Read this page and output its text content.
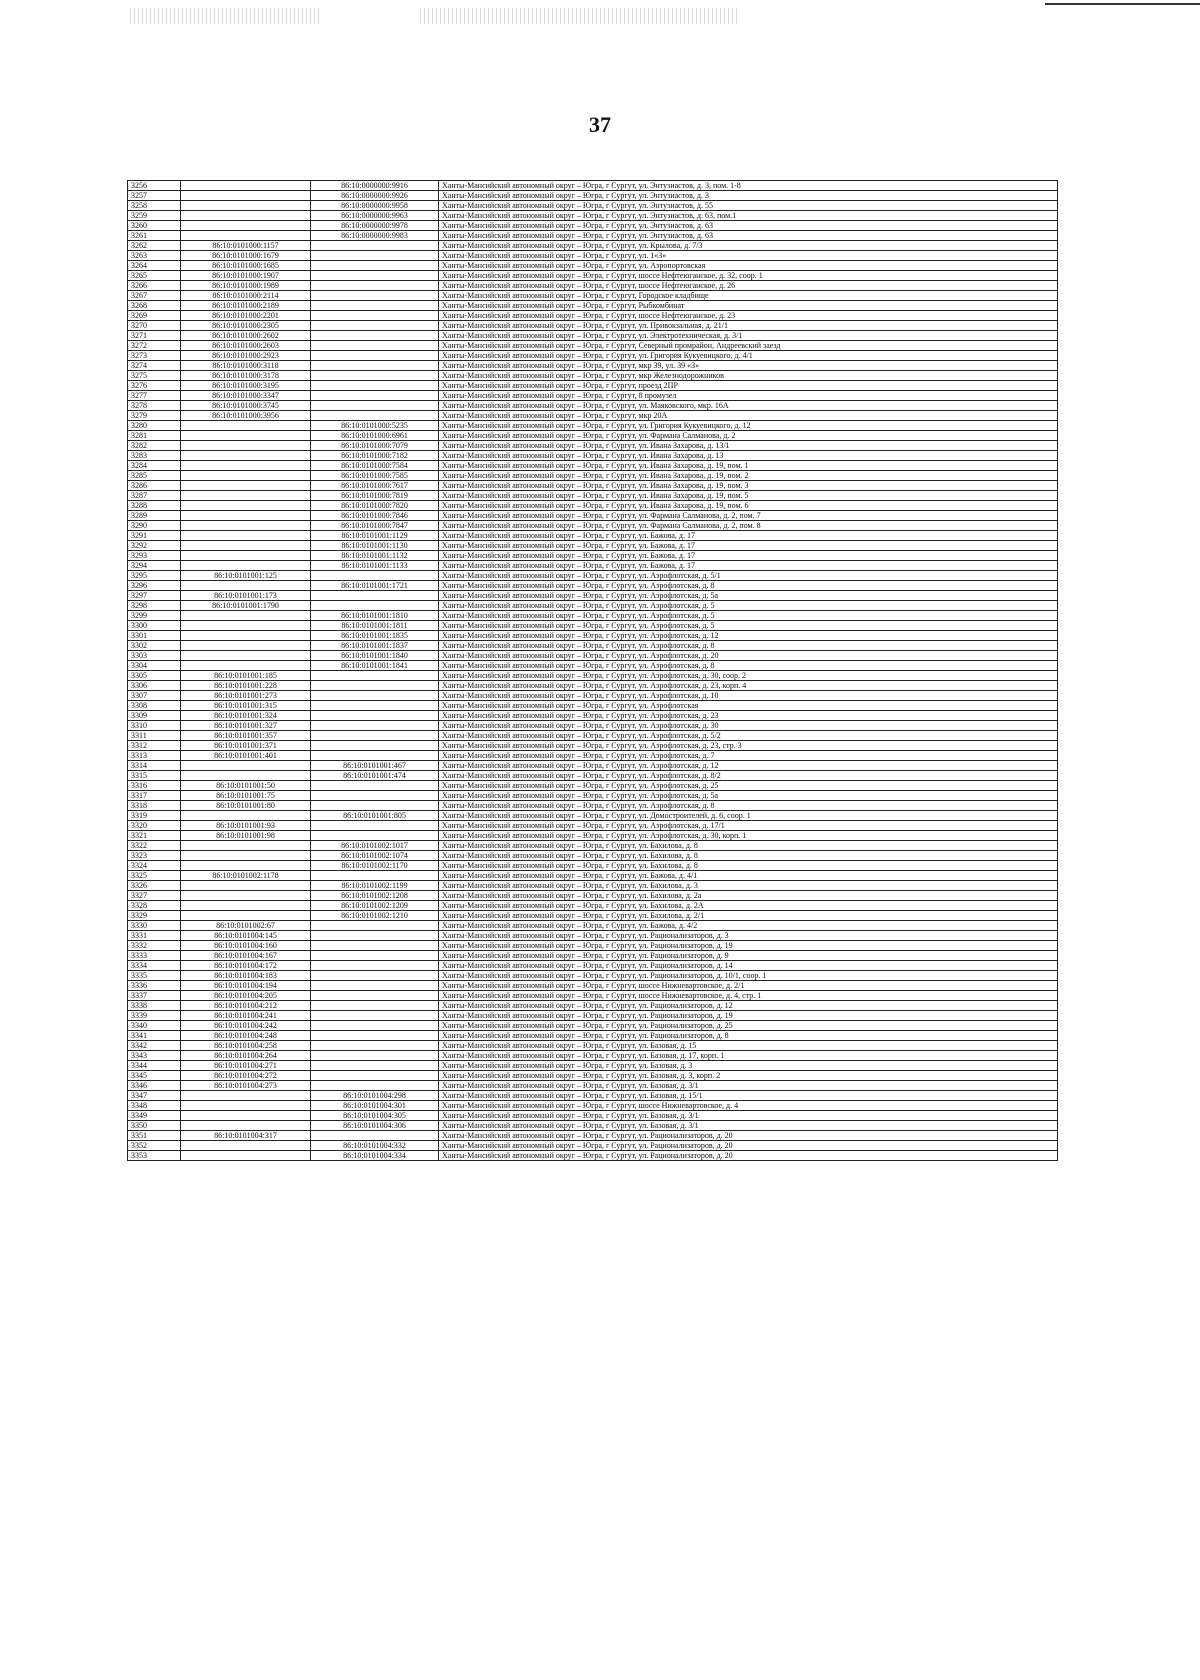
37
3256		86:10:0000000:9916	Ханты-Мансийский автономный округ – Югра, г Сургут, ул. Энтузиастов, д. 3, пом. 1-8
3257		86:10:0000000:9926	Ханты-Мансийский автономный округ – Югра, г Сургут, ул. Энтузиастов, д. 3
3258		86:10:0000000:9958	Ханты-Мансийский автономный округ – Югра, г Сургут, ул. Энтузиастов, д. 55
3259		86:10:0000000:9963	Ханты-Мансийский автономный округ – Югра, г Сургут, ул. Энтузиастов, д. 63, пом.1
3260		86:10:0000000:9978	Ханты-Мансийский автономный округ – Югра, г Сургут, ул. Энтузиастов, д. 63
3261		86:10:0000000:9983	Ханты-Мансийский автономный округ – Югра, г Сургут, ул. Энтузиастов, д. 63
3262	86:10:0101000:1157		Ханты-Мансийский автономный округ – Югра, г Сургут, ул. Крылова, д. 7/3
3263	86:10:0101000:1679		Ханты-Мансийский автономный округ – Югра, г Сургут, ул. 1«З»
3264	86:10:0101000:1685		Ханты-Мансийский автономный округ – Югра, г Сургут, ул. Аэропортовская
3265	86:10:0101000:1907		Ханты-Мансийский автономный округ – Югра, г Сургут, шоссе Нефтеюганское, д. 32, соор. 1
3266	86:10:0101000:1989		Ханты-Мансийский автономный округ – Югра, г Сургут, шоссе Нефтеюганское, д. 26
3267	86:10:0101000:2114		Ханты-Мансийский автономный округ – Югра, г Сургут, Городское кладбище
3268	86:10:0101000:2189		Ханты-Мансийский автономный округ – Югра, г Сургут, Рыбкомбинат
3269	86:10:0101000:2201		Ханты-Мансийский автономный округ – Югра, г Сургут, шоссе Нефтеюганское, д. 23
3270	86:10:0101000:2305		Ханты-Мансийский автономный округ – Югра, г Сургут, ул. Привокзальная, д. 21/1
3271	86:10:0101000:2602		Ханты-Мансийский автономный округ – Югра, г Сургут, ул. Электротехническая, д. 3/1
3272	86:10:0101000:2603		Ханты-Мансийский автономный округ – Югра, г Сургут, Северный промрайон, Андреевский заезд
3273	86:10:0101000:2923		Ханты-Мансийский автономный округ – Югра, г Сургут, ул. Григория Кукуевицкого, д. 4/1
3274	86:10:0101000:3118		Ханты-Мансийский автономный округ – Югра, г Сургут, мкр 39, ул. 39 «З»
3275	86:10:0101000:3178		Ханты-Мансийский автономный округ – Югра, г Сургут, мкр Железнодорожников
3276	86:10:0101000:3195		Ханты-Мансийский автономный округ – Югра, г Сургут, проезд 2ПР
3277	86:10:0101000:3347		Ханты-Мансийский автономный округ – Югра, г Сургут, 8 промузел
3278	86:10:0101000:3745		Ханты-Мансийский автономный округ – Югра, г Сургут, ул. Маяковского, мкр. 16А
3279	86:10:0101000:3956		Ханты-Мансийский автономный округ – Югра, г Сургут, мкр 20А
3280		86:10:0101000:5235	Ханты-Мансийский автономный округ – Югра, г Сургут, ул. Григория Кукуевицкого, д. 12
3281		86:10:0101000:6961	Ханты-Мансийский автономный округ – Югра, г Сургут, ул. Фармана Салманова, д. 2
3282		86:10:0101000:7079	Ханты-Мансийский автономный округ – Югра, г Сургут, ул. Ивана Захарова, д. 13/1
3283		86:10:0101000:7182	Ханты-Мансийский автономный округ – Югра, г Сургут, ул. Ивана Захарова, д. 13
3284		86:10:0101000:7584	Ханты-Мансийский автономный округ – Югра, г Сургут, ул. Ивана Захарова, д. 19, пом. 1
3285		86:10:0101000:7585	Ханты-Мансийский автономный округ – Югра, г Сургут, ул. Ивана Захарова, д. 19, пом. 2
3286		86:10:0101000:7617	Ханты-Мансийский автономный округ – Югра, г Сургут, ул. Ивана Захарова, д. 19, пом. 3
3287		86:10:0101000:7819	Ханты-Мансийский автономный округ – Югра, г Сургут, ул. Ивана Захарова, д. 19, пом. 5
3288		86:10:0101000:7820	Ханты-Мансийский автономный округ – Югра, г Сургут, ул. Ивана Захарова, д. 19, пом. 6
3289		86:10:0101000:7846	Ханты-Мансийский автономный округ – Югра, г Сургут, ул. Фармана Салманова, д. 2, пом. 7
3290		86:10:0101000:7847	Ханты-Мансийский автономный округ – Югра, г Сургут, ул. Фармана Салманова, д. 2, пом. 8
3291		86:10:0101001:1129	Ханты-Мансийский автономный округ – Югра, г Сургут, ул. Бажова, д. 17
3292		86:10:0101001:1130	Ханты-Мансийский автономный округ – Югра, г Сургут, ул. Бажова, д. 17
3293		86:10:0101001:1132	Ханты-Мансийский автономный округ – Югра, г Сургут, ул. Бажова, д. 17
3294		86:10:0101001:1133	Ханты-Мансийский автономный округ – Югра, г Сургут, ул. Бажова, д. 17
3295	86:10:0101001:125		Ханты-Мансийский автономный округ – Югра, г Сургут, ул. Аэрофлотская, д. 5/1
3296		86:10:0101001:1721	Ханты-Мансийский автономный округ – Югра, г Сургут, ул. Аэрофлотская, д. 8
3297	86:10:0101001:173		Ханты-Мансийский автономный округ – Югра, г Сургут, ул. Аэрофлотская, д. 5а
3298	86:10:0101001:1790		Ханты-Мансийский автономный округ – Югра, г Сургут, ул. Аэрофлотская, д. 5
3299		86:10:0101001:1810	Ханты-Мансийский автономный округ – Югра, г Сургут, ул. Аэрофлотская, д. 5
3300		86:10:0101001:1811	Ханты-Мансийский автономный округ – Югра, г Сургут, ул. Аэрофлотская, д. 5
3301		86:10:0101001:1835	Ханты-Мансийский автономный округ – Югра, г Сургут, ул. Аэрофлотская, д. 12
3302		86:10:0101001:1837	Ханты-Мансийский автономный округ – Югра, г Сургут, ул. Аэрофлотская, д. 8
3303		86:10:0101001:1840	Ханты-Мансийский автономный округ – Югра, г Сургут, ул. Аэрофлотская, д. 20
3304		86:10:0101001:1841	Ханты-Мансийский автономный округ – Югра, г Сургут, ул. Аэрофлотская, д. 8
3305	86:10:0101001:185		Ханты-Мансийский автономный округ – Югра, г Сургут, ул. Аэрофлотская, д. 30, соор. 2
3306	86:10:0101001:228		Ханты-Мансийский автономный округ – Югра, г Сургут, ул. Аэрофлотская, д. 23, корп. 4
3307	86:10:0101001:273		Ханты-Мансийский автономный округ – Югра, г Сургут, ул. Аэрофлотская, д. 10
3308	86:10:0101001:315		Ханты-Мансийский автономный округ – Югра, г Сургут, ул. Аэрофлотская
3309	86:10:0101001:324		Ханты-Мансийский автономный округ – Югра, г Сургут, ул. Аэрофлотская, д. 23
3310	86:10:0101001:327		Ханты-Мансийский автономный округ – Югра, г Сургут, ул. Аэрофлотская, д. 30
3311	86:10:0101001:357		Ханты-Мансийский автономный округ – Югра, г Сургут, ул. Аэрофлотская, д. 5/2
3312	86:10:0101001:371		Ханты-Мансийский автономный округ – Югра, г Сургут, ул. Аэрофлотская, д. 23, стр. 3
3313	86:10:0101001:401		Ханты-Мансийский автономный округ – Югра, г Сургут, ул. Аэрофлотская, д. 7
3314		86:10:0101001:467	Ханты-Мансийский автономный округ – Югра, г Сургут, ул. Аэрофлотская, д. 12
3315		86:10:0101001:474	Ханты-Мансийский автономный округ – Югра, г Сургут, ул. Аэрофлотская, д. 8/2
3316	86:10:0101001:50		Ханты-Мансийский автономный округ – Югра, г Сургут, ул. Аэрофлотская, д. 25
3317	86:10:0101001:75		Ханты-Мансийский автономный округ – Югра, г Сургут, ул. Аэрофлотская, д. 5а
3318	86:10:0101001:80		Ханты-Мансийский автономный округ – Югра, г Сургут, ул. Аэрофлотская, д. 8
3319		86:10:0101001:805	Ханты-Мансийский автономный округ – Югра, г Сургут, ул. Домостроителей, д. 6, соор. 1
3320	86:10:0101001:93		Ханты-Мансийский автономный округ – Югра, г Сургут, ул. Аэрофлотская, д. 17/1
3321	86:10:0101001:98		Ханты-Мансийский автономный округ – Югра, г Сургут, ул. Аэрофлотская, д. 30, корп. 1
3322		86:10:0101002:1017	Ханты-Мансийский автономный округ – Югра, г Сургут, ул. Бахилова, д. 8
3323		86:10:0101002:1074	Ханты-Мансийский автономный округ – Югра, г Сургут, ул. Бахилова, д. 8
3324		86:10:0101002:1170	Ханты-Мансийский автономный округ – Югра, г Сургут, ул. Бахилова, д. 8
3325	86:10:0101002:1178		Ханты-Мансийский автономный округ – Югра, г Сургут, ул. Бажова, д. 4/1
3326		86:10:0101002:1199	Ханты-Мансийский автономный округ – Югра, г Сургут, ул. Бахилова, д. 3
3327		86:10:0101002:1208	Ханты-Мансийский автономный округ – Югра, г Сургут, ул. Бахилова, д. 2а
3328		86:10:0101002:1209	Ханты-Мансийский автономный округ – Югра, г Сургут, ул. Бахилова, д. 2А
3329		86:10:0101002:1210	Ханты-Мансийский автономный округ – Югра, г Сургут, ул. Бахилова, д. 2/1
3330	86:10:0101002:67		Ханты-Мансийский автономный округ – Югра, г Сургут, ул. Бажова, д. 4/2
3331	86:10:0101004:145		Ханты-Мансийский автономный округ – Югра, г Сургут, ул. Рационализаторов, д. 3
3332	86:10:0101004:160		Ханты-Мансийский автономный округ – Югра, г Сургут, ул. Рационализаторов, д. 19
3333	86:10:0101004:167		Ханты-Мансийский автономный округ – Югра, г Сургут, ул. Рационализаторов, д. 9
3334	86:10:0101004:172		Ханты-Мансийский автономный округ – Югра, г Сургут, ул. Рационализаторов, д. 14
3335	86:10:0101004:183		Ханты-Мансийский автономный округ – Югра, г Сургут, ул. Рационализаторов, д. 10/1, соор. 1
3336	86:10:0101004:194		Ханты-Мансийский автономный округ – Югра, г Сургут, шоссе Нижневартовское, д. 2/1
3337	86:10:0101004:205		Ханты-Мансийский автономный округ – Югра, г Сургут, шоссе Нижневартовское, д. 4, стр. 1
3338	86:10:0101004:212		Ханты-Мансийский автономный округ – Югра, г Сургут, ул. Рационализаторов, д. 12
3339	86:10:0101004:241		Ханты-Мансийский автономный округ – Югра, г Сургут, ул. Рационализаторов, д. 19
3340	86:10:0101004:242		Ханты-Мансийский автономный округ – Югра, г Сургут, ул. Рационализаторов, д. 25
3341	86:10:0101004:248		Ханты-Мансийский автономный округ – Югра, г Сургут, ул. Рационализаторов, д. 8
3342	86:10:0101004:258		Ханты-Мансийский автономный округ – Югра, г Сургут, ул. Базовая, д. 15
3343	86:10:0101004:264		Ханты-Мансийский автономный округ – Югра, г Сургут, ул. Базовая, д. 17, корп. 1
3344	86:10:0101004:271		Ханты-Мансийский автономный округ – Югра, г Сургут, ул. Базовая, д. 3
3345	86:10:0101004:272		Ханты-Мансийский автономный округ – Югра, г Сургут, ул. Базовая, д. 3, корп. 2
3346	86:10:0101004:273		Ханты-Мансийский автономный округ – Югра, г Сургут, ул. Базовая, д. 3/1
3347		86:10:0101004:298	Ханты-Мансийский автономный округ – Югра, г Сургут, ул. Базовая, д. 15/1
3348		86:10:0101004:301	Ханты-Мансийский автономный округ – Югра, г Сургут, шоссе Нижневартовское, д. 4
3349		86:10:0101004:305	Ханты-Мансийский автономный округ – Югра, г Сургут, ул. Базовая, д. 3/1
3350		86:10:0101004:306	Ханты-Мансийский автономный округ – Югра, г Сургут, ул. Базовая, д. 3/1
3351	86:10:0101004:317		Ханты-Мансийский автономный округ – Югра, г Сургут, ул. Рационализаторов, д. 20
3352		86:10:0101004:332	Ханты-Мансийский автономный округ – Югра, г Сургут, ул. Рационализаторов, д. 20
3353		86:10:0101004:334	Ханты-Мансийский автономный округ – Югра, г Сургут, ул. Рационализаторов, д. 20
